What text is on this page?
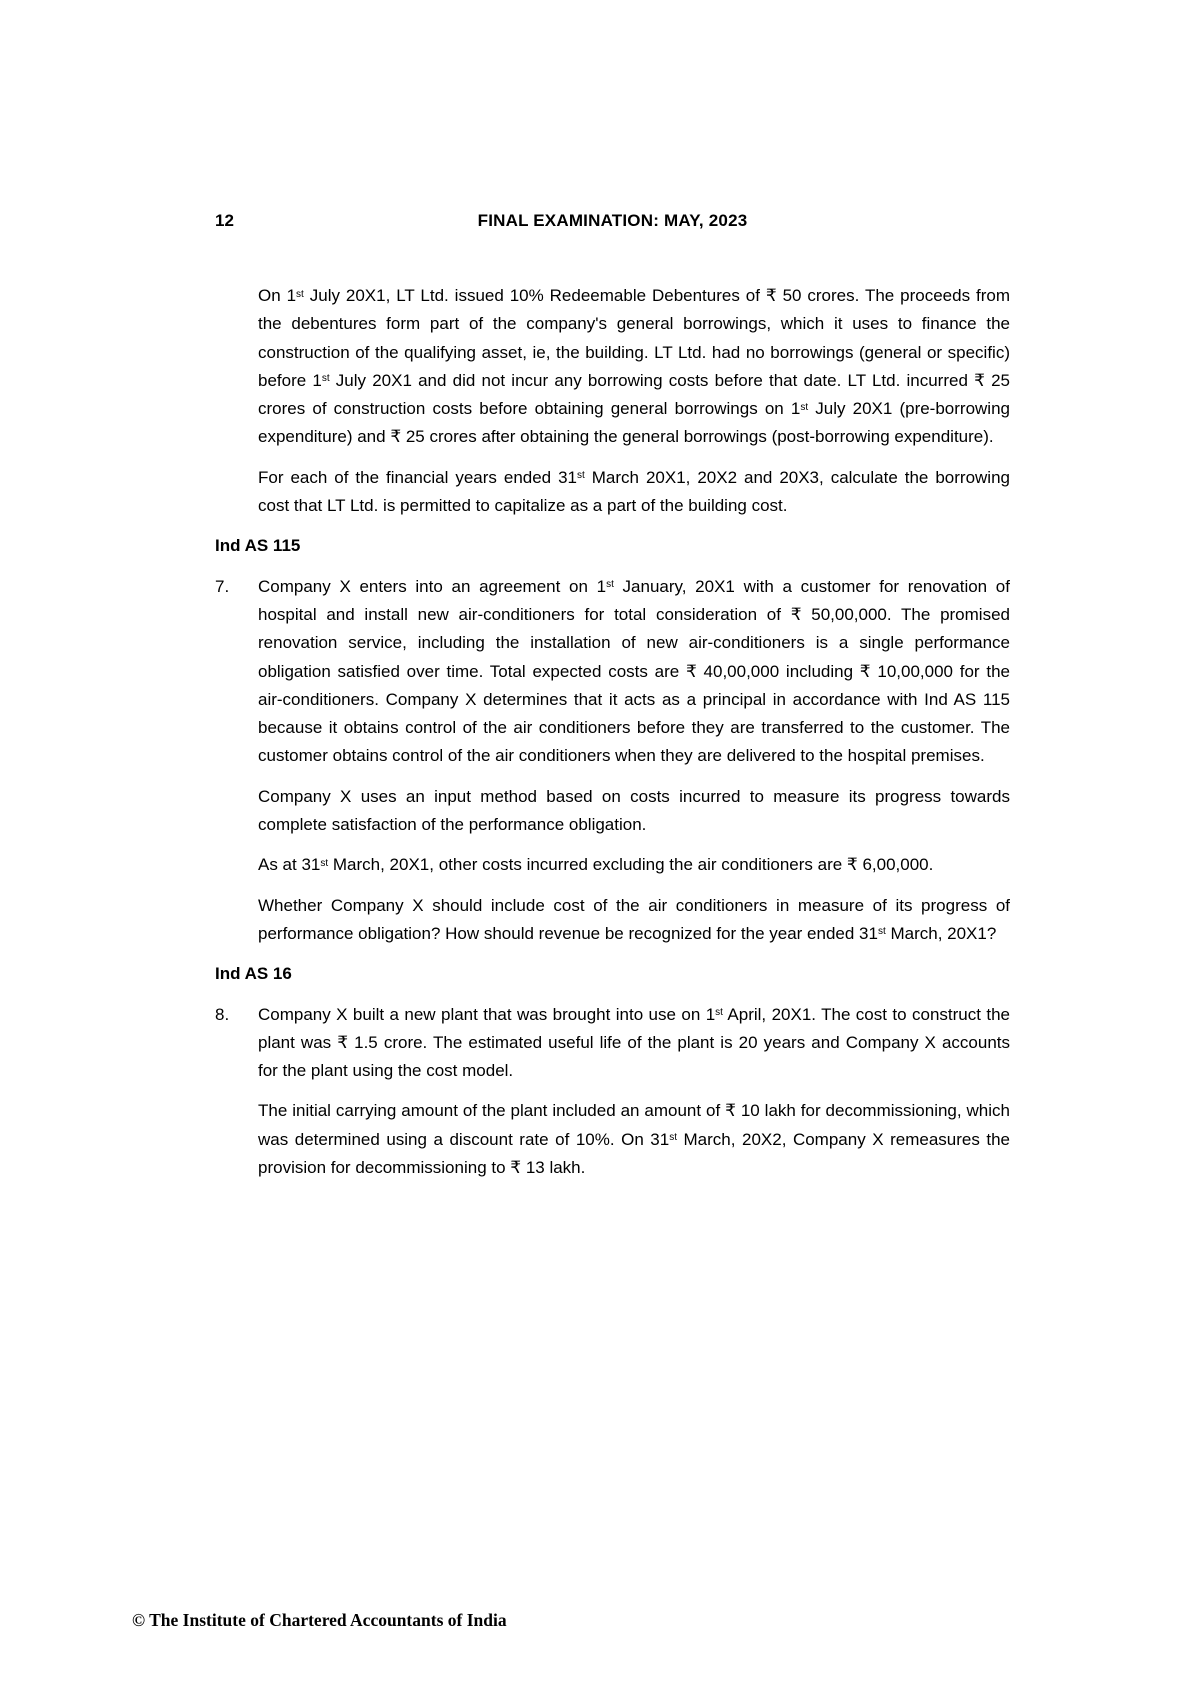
12	FINAL EXAMINATION: MAY, 2023

On 1st July 20X1, LT Ltd. issued 10% Redeemable Debentures of ₹ 50 crores. The proceeds from the debentures form part of the company's general borrowings, which it uses to finance the construction of the qualifying asset, ie, the building. LT Ltd. had no borrowings (general or specific) before 1st July 20X1 and did not incur any borrowing costs before that date. LT Ltd. incurred ₹ 25 crores of construction costs before obtaining general borrowings on 1st July 20X1 (pre-borrowing expenditure) and ₹ 25 crores after obtaining the general borrowings (post-borrowing expenditure).

For each of the financial years ended 31st March 20X1, 20X2 and 20X3, calculate the borrowing cost that LT Ltd. is permitted to capitalize as a part of the building cost.

Ind AS 115
7. Company X enters into an agreement on 1st January, 20X1 with a customer for renovation of hospital and install new air-conditioners for total consideration of ₹ 50,00,000. The promised renovation service, including the installation of new air-conditioners is a single performance obligation satisfied over time. Total expected costs are ₹ 40,00,000 including ₹ 10,00,000 for the air-conditioners. Company X determines that it acts as a principal in accordance with Ind AS 115 because it obtains control of the air conditioners before they are transferred to the customer. The customer obtains control of the air conditioners when they are delivered to the hospital premises.

Company X uses an input method based on costs incurred to measure its progress towards complete satisfaction of the performance obligation.

As at 31st March, 20X1, other costs incurred excluding the air conditioners are ₹ 6,00,000.

Whether Company X should include cost of the air conditioners in measure of its progress of performance obligation? How should revenue be recognized for the year ended 31st March, 20X1?

Ind AS 16
8. Company X built a new plant that was brought into use on 1st April, 20X1. The cost to construct the plant was ₹ 1.5 crore. The estimated useful life of the plant is 20 years and Company X accounts for the plant using the cost model.

The initial carrying amount of the plant included an amount of ₹ 10 lakh for decommissioning, which was determined using a discount rate of 10%. On 31st March, 20X2, Company X remeasures the provision for decommissioning to ₹ 13 lakh.

© The Institute of Chartered Accountants of India
